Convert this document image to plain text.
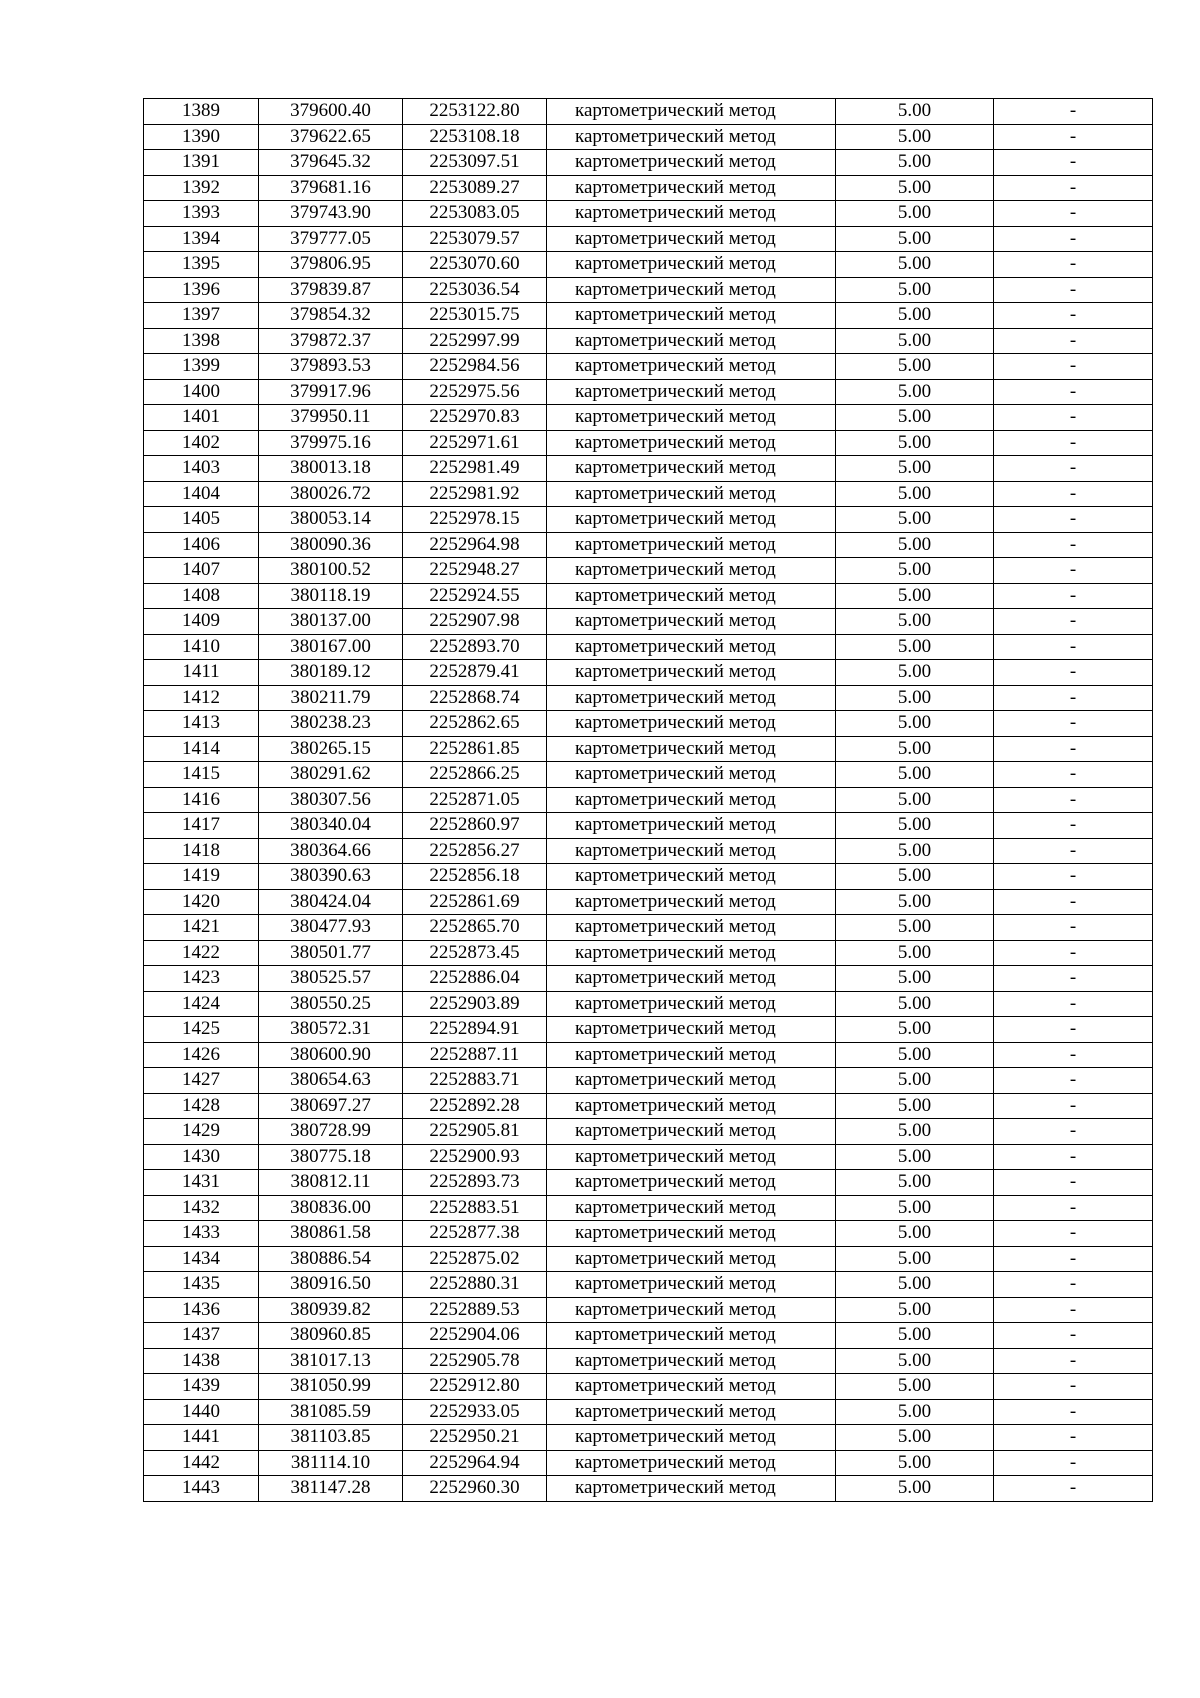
1389	379600.40	2253122.80	картометрический метод	5.00	-
1390	379622.65	2253108.18	картометрический метод	5.00	-
1391	379645.32	2253097.51	картометрический метод	5.00	-
1392	379681.16	2253089.27	картометрический метод	5.00	-
1393	379743.90	2253083.05	картометрический метод	5.00	-
1394	379777.05	2253079.57	картометрический метод	5.00	-
1395	379806.95	2253070.60	картометрический метод	5.00	-
1396	379839.87	2253036.54	картометрический метод	5.00	-
1397	379854.32	2253015.75	картометрический метод	5.00	-
1398	379872.37	2252997.99	картометрический метод	5.00	-
1399	379893.53	2252984.56	картометрический метод	5.00	-
1400	379917.96	2252975.56	картометрический метод	5.00	-
1401	379950.11	2252970.83	картометрический метод	5.00	-
1402	379975.16	2252971.61	картометрический метод	5.00	-
1403	380013.18	2252981.49	картометрический метод	5.00	-
1404	380026.72	2252981.92	картометрический метод	5.00	-
1405	380053.14	2252978.15	картометрический метод	5.00	-
1406	380090.36	2252964.98	картометрический метод	5.00	-
1407	380100.52	2252948.27	картометрический метод	5.00	-
1408	380118.19	2252924.55	картометрический метод	5.00	-
1409	380137.00	2252907.98	картометрический метод	5.00	-
1410	380167.00	2252893.70	картометрический метод	5.00	-
1411	380189.12	2252879.41	картометрический метод	5.00	-
1412	380211.79	2252868.74	картометрический метод	5.00	-
1413	380238.23	2252862.65	картометрический метод	5.00	-
1414	380265.15	2252861.85	картометрический метод	5.00	-
1415	380291.62	2252866.25	картометрический метод	5.00	-
1416	380307.56	2252871.05	картометрический метод	5.00	-
1417	380340.04	2252860.97	картометрический метод	5.00	-
1418	380364.66	2252856.27	картометрический метод	5.00	-
1419	380390.63	2252856.18	картометрический метод	5.00	-
1420	380424.04	2252861.69	картометрический метод	5.00	-
1421	380477.93	2252865.70	картометрический метод	5.00	-
1422	380501.77	2252873.45	картометрический метод	5.00	-
1423	380525.57	2252886.04	картометрический метод	5.00	-
1424	380550.25	2252903.89	картометрический метод	5.00	-
1425	380572.31	2252894.91	картометрический метод	5.00	-
1426	380600.90	2252887.11	картометрический метод	5.00	-
1427	380654.63	2252883.71	картометрический метод	5.00	-
1428	380697.27	2252892.28	картометрический метод	5.00	-
1429	380728.99	2252905.81	картометрический метод	5.00	-
1430	380775.18	2252900.93	картометрический метод	5.00	-
1431	380812.11	2252893.73	картометрический метод	5.00	-
1432	380836.00	2252883.51	картометрический метод	5.00	-
1433	380861.58	2252877.38	картометрический метод	5.00	-
1434	380886.54	2252875.02	картометрический метод	5.00	-
1435	380916.50	2252880.31	картометрический метод	5.00	-
1436	380939.82	2252889.53	картометрический метод	5.00	-
1437	380960.85	2252904.06	картометрический метод	5.00	-
1438	381017.13	2252905.78	картометрический метод	5.00	-
1439	381050.99	2252912.80	картометрический метод	5.00	-
1440	381085.59	2252933.05	картометрический метод	5.00	-
1441	381103.85	2252950.21	картометрический метод	5.00	-
1442	381114.10	2252964.94	картометрический метод	5.00	-
1443	381147.28	2252960.30	картометрический метод	5.00	-
